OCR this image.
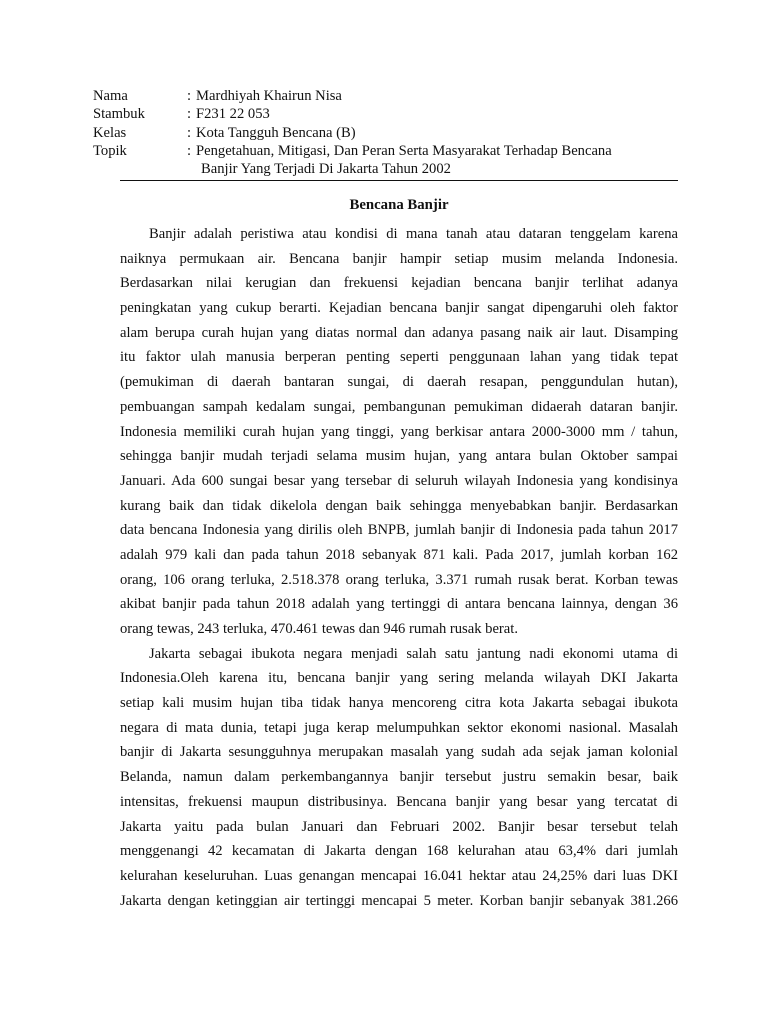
Nama	: Mardhiyah Khairun Nisa
Stambuk	: F231 22 053
Kelas	: Kota Tangguh Bencana (B)
Topik	: Pengetahuan, Mitigasi, Dan Peran Serta Masyarakat Terhadap Bencana
Banjir Yang Terjadi Di Jakarta Tahun 2002
Bencana Banjir
Banjir adalah peristiwa atau kondisi di mana tanah atau dataran tenggelam karena
naiknya permukaan air. Bencana banjir hampir setiap musim melanda Indonesia.
Berdasarkan nilai kerugian dan frekuensi kejadian bencana banjir terlihat adanya
peningkatan yang cukup berarti. Kejadian bencana banjir sangat dipengaruhi oleh faktor
alam berupa curah hujan yang diatas normal dan adanya pasang naik air laut. Disamping
itu faktor ulah manusia berperan penting seperti penggunaan lahan yang tidak tepat
(pemukiman di daerah bantaran sungai, di daerah resapan, penggundulan hutan),
pembuangan sampah kedalam sungai, pembangunan pemukiman didaerah dataran banjir.
Indonesia memiliki curah hujan yang tinggi, yang berkisar antara 2000-3000 mm / tahun,
sehingga banjir mudah terjadi selama musim hujan, yang antara bulan Oktober sampai
Januari. Ada 600 sungai besar yang tersebar di seluruh wilayah Indonesia yang kondisinya
kurang baik dan tidak dikelola dengan baik sehingga menyebabkan banjir. Berdasarkan
data bencana Indonesia yang dirilis oleh BNPB, jumlah banjir di Indonesia pada tahun 2017
adalah 979 kali dan pada tahun 2018 sebanyak 871 kali. Pada 2017, jumlah korban 162
orang, 106 orang terluka, 2.518.378 orang terluka, 3.371 rumah rusak berat. Korban tewas
akibat banjir pada tahun 2018 adalah yang tertinggi di antara bencana lainnya, dengan 36
orang tewas, 243 terluka, 470.461 tewas dan 946 rumah rusak berat.
Jakarta sebagai ibukota negara menjadi salah satu jantung nadi ekonomi utama di
Indonesia.Oleh karena itu, bencana banjir yang sering melanda wilayah DKI Jakarta
setiap kali musim hujan tiba tidak hanya mencoreng citra kota Jakarta sebagai ibukota
negara di mata dunia, tetapi juga kerap melumpuhkan sektor ekonomi nasional. Masalah
banjir di Jakarta sesungguhnya merupakan masalah yang sudah ada sejak jaman kolonial
Belanda, namun dalam perkembangannya banjir tersebut justru semakin besar, baik
intensitas, frekuensi maupun distribusinya. Bencana banjir yang besar yang tercatat di
Jakarta yaitu pada bulan Januari dan Februari 2002. Banjir besar tersebut telah
menggenangi 42 kecamatan di Jakarta dengan 168 kelurahan atau 63,4% dari jumlah
kelurahan keseluruhan. Luas genangan mencapai 16.041 hektar atau 24,25% dari luas DKI
Jakarta dengan ketinggian air tertinggi mencapai 5 meter. Korban banjir sebanyak 381.266
